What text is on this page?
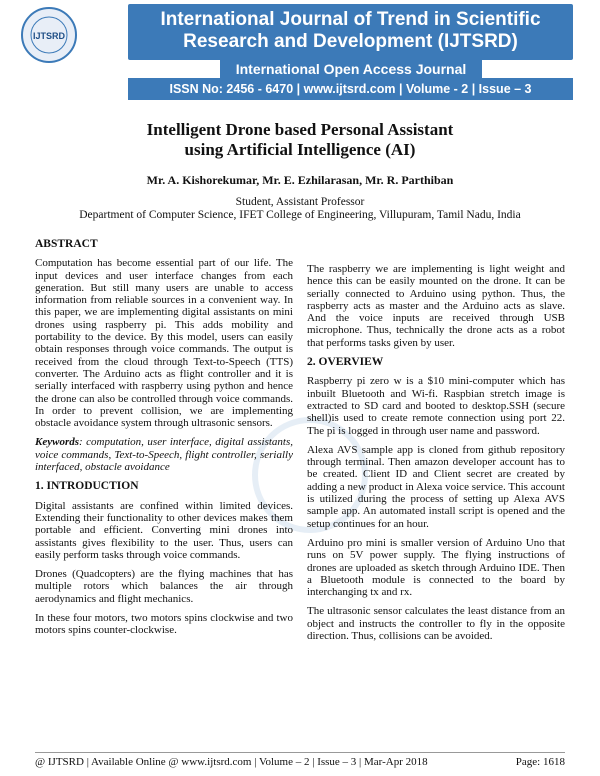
IJTSRD
International Journal of Trend in Scientific
Research and Development (IJTSRD)
International Open Access Journal
ISSN No: 2456 - 6470 | www.ijtsrd.com | Volume - 2 | Issue – 3
Intelligent Drone based Personal Assistant
using Artificial Intelligence (AI)
Mr. A. Kishorekumar, Mr. E. Ezhilarasan, Mr. R. Parthiban
Student, Assistant Professor
Department of Computer Science, IFET College of Engineering, Villupuram, Tamil Nadu, India
ABSTRACT

Computation has become essential part of our life. The input devices and user interface changes from each generation. But still many users are unable to access information from reliable sources in a convenient way. In this paper, we are implementing digital assistants on mini drones using raspberry pi. This adds mobility and portability to the device. By this model, users can easily obtain responses through voice commands. The output is received from the cloud through Text-to-Speech (TTS) converter. The Arduino acts as flight controller and it is serially interfaced with raspberry using python and hence the drone can also be controlled through voice commands. In order to prevent collision, we are implementing obstacle avoidance system through ultrasonic sensors.

Keywords: computation, user interface, digital assistants, voice commands, Text-to-Speech, flight controller, serially interfaced, obstacle avoidance

1. INTRODUCTION

Digital assistants are confined within limited devices. Extending their functionality to other devices makes them portable and efficient. Converting mini drones into assistants gives flexibility to the user. Thus, users can easily perform tasks through voice commands.

Drones (Quadcopters) are the flying machines that has multiple rotors which balances the air through aerodynamics and flight mechanics.

In these four motors, two motors spins clockwise and two motors spins counter-clockwise.

The raspberry we are implementing is light weight and hence this can be easily mounted on the drone. It can be serially connected to Arduino using python. Thus, the raspberry acts as master and the Arduino acts as slave. And the voice inputs are received through USB microphone. Thus, technically the drone acts as a robot that performs tasks given by user.

2. OVERVIEW

Raspberry pi zero w is a $10 mini-computer which has inbuilt Bluetooth and Wi-fi. Raspbian stretch image is extracted to SD card and booted to desktop.SSH (secure shell)is used to create remote connection using port 22. The pi is logged in through user name and password.

Alexa AVS sample app is cloned from github repository through terminal. Then amazon developer account has to be created. Client ID and Client secret are created by adding a new product in Alexa voice service. This account is utilized during the process of setting up Alexa AVS sample app. An automated install script is opened and the setup continues for an hour.

Arduino pro mini is smaller version of Arduino Uno that runs on 5V power supply. The flying instructions of drones are uploaded as sketch through Arduino IDE. Then a Bluetooth module is connected to the board by interchanging tx and rx.

The ultrasonic sensor calculates the least distance from an object and instructs the controller to fly in the opposite direction. Thus, collisions can be avoided.

@ IJTSRD | Available Online @ www.ijtsrd.com | Volume – 2 | Issue – 3 | Mar-Apr 2018	Page: 1618
